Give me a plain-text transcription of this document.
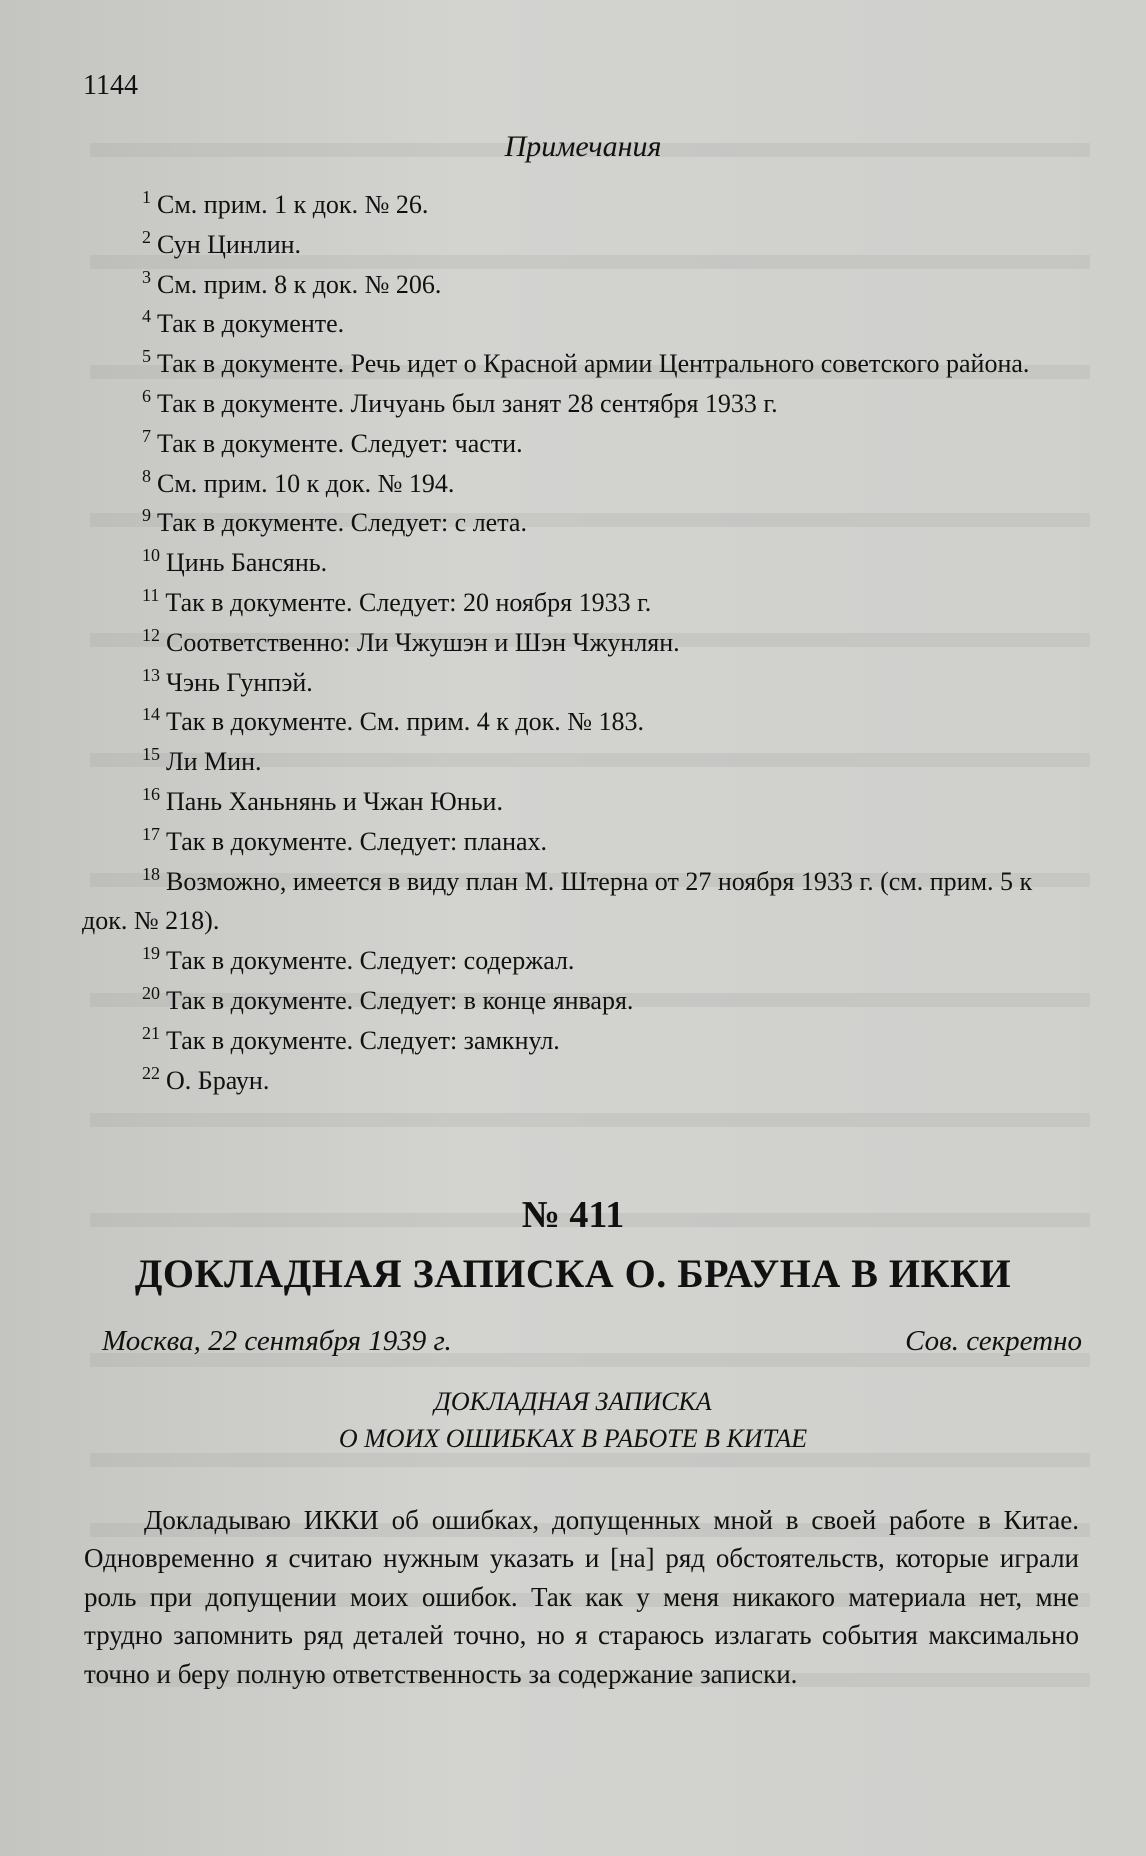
1144
Примечания
$^1$ См. прим. 1 к док. № 26.
$^2$ Сун Цинлин.
$^3$ См. прим. 8 к док. № 206.
$^4$ Так в документе.
$^5$ Так в документе. Речь идет о Красной армии Центрального советского района.
$^6$ Так в документе. Личуань был занят 28 сентября 1933 г.
$^7$ Так в документе. Следует: части.
$^8$ См. прим. 10 к док. № 194.
$^9$ Так в документе. Следует: с лета.
$^{10}$ Цинь Бансянь.
$^{11}$ Так в документе. Следует: 20 ноября 1933 г.
$^{12}$ Соответственно: Ли Чжушэн и Шэн Чжунлян.
$^{13}$ Чэнь Гунпэй.
$^{14}$ Так в документе. См. прим. 4 к док. № 183.
$^{15}$ Ли Мин.
$^{16}$ Пань Ханьнянь и Чжан Юньи.
$^{17}$ Так в документе. Следует: планах.
$^{18}$ Возможно, имеется в виду план М. Штерна от 27 ноября 1933 г. (см. прим. 5 к док. № 218).
$^{19}$ Так в документе. Следует: содержал.
$^{20}$ Так в документе. Следует: в конце января.
$^{21}$ Так в документе. Следует: замкнул.
$^{22}$ О. Браун.
№ 411
ДОКЛАДНАЯ ЗАПИСКА О. БРАУНА В ИККИ
Москва, 22 сентября 1939 г.	Сов. секретно
ДОКЛАДНАЯ ЗАПИСКА
О МОИХ ОШИБКАХ В РАБОТЕ В КИТАЕ

Докладываю ИККИ об ошибках, допущенных мной в своей работе в Китае. Одновременно я считаю нужным указать и [на] ряд обстоятельств, которые играли роль при допущении моих ошибок. Так как у меня никакого материала нет, мне трудно запомнить ряд деталей точно, но я стараюсь излагать события максимально точно и беру полную ответственность за содержание записки.
